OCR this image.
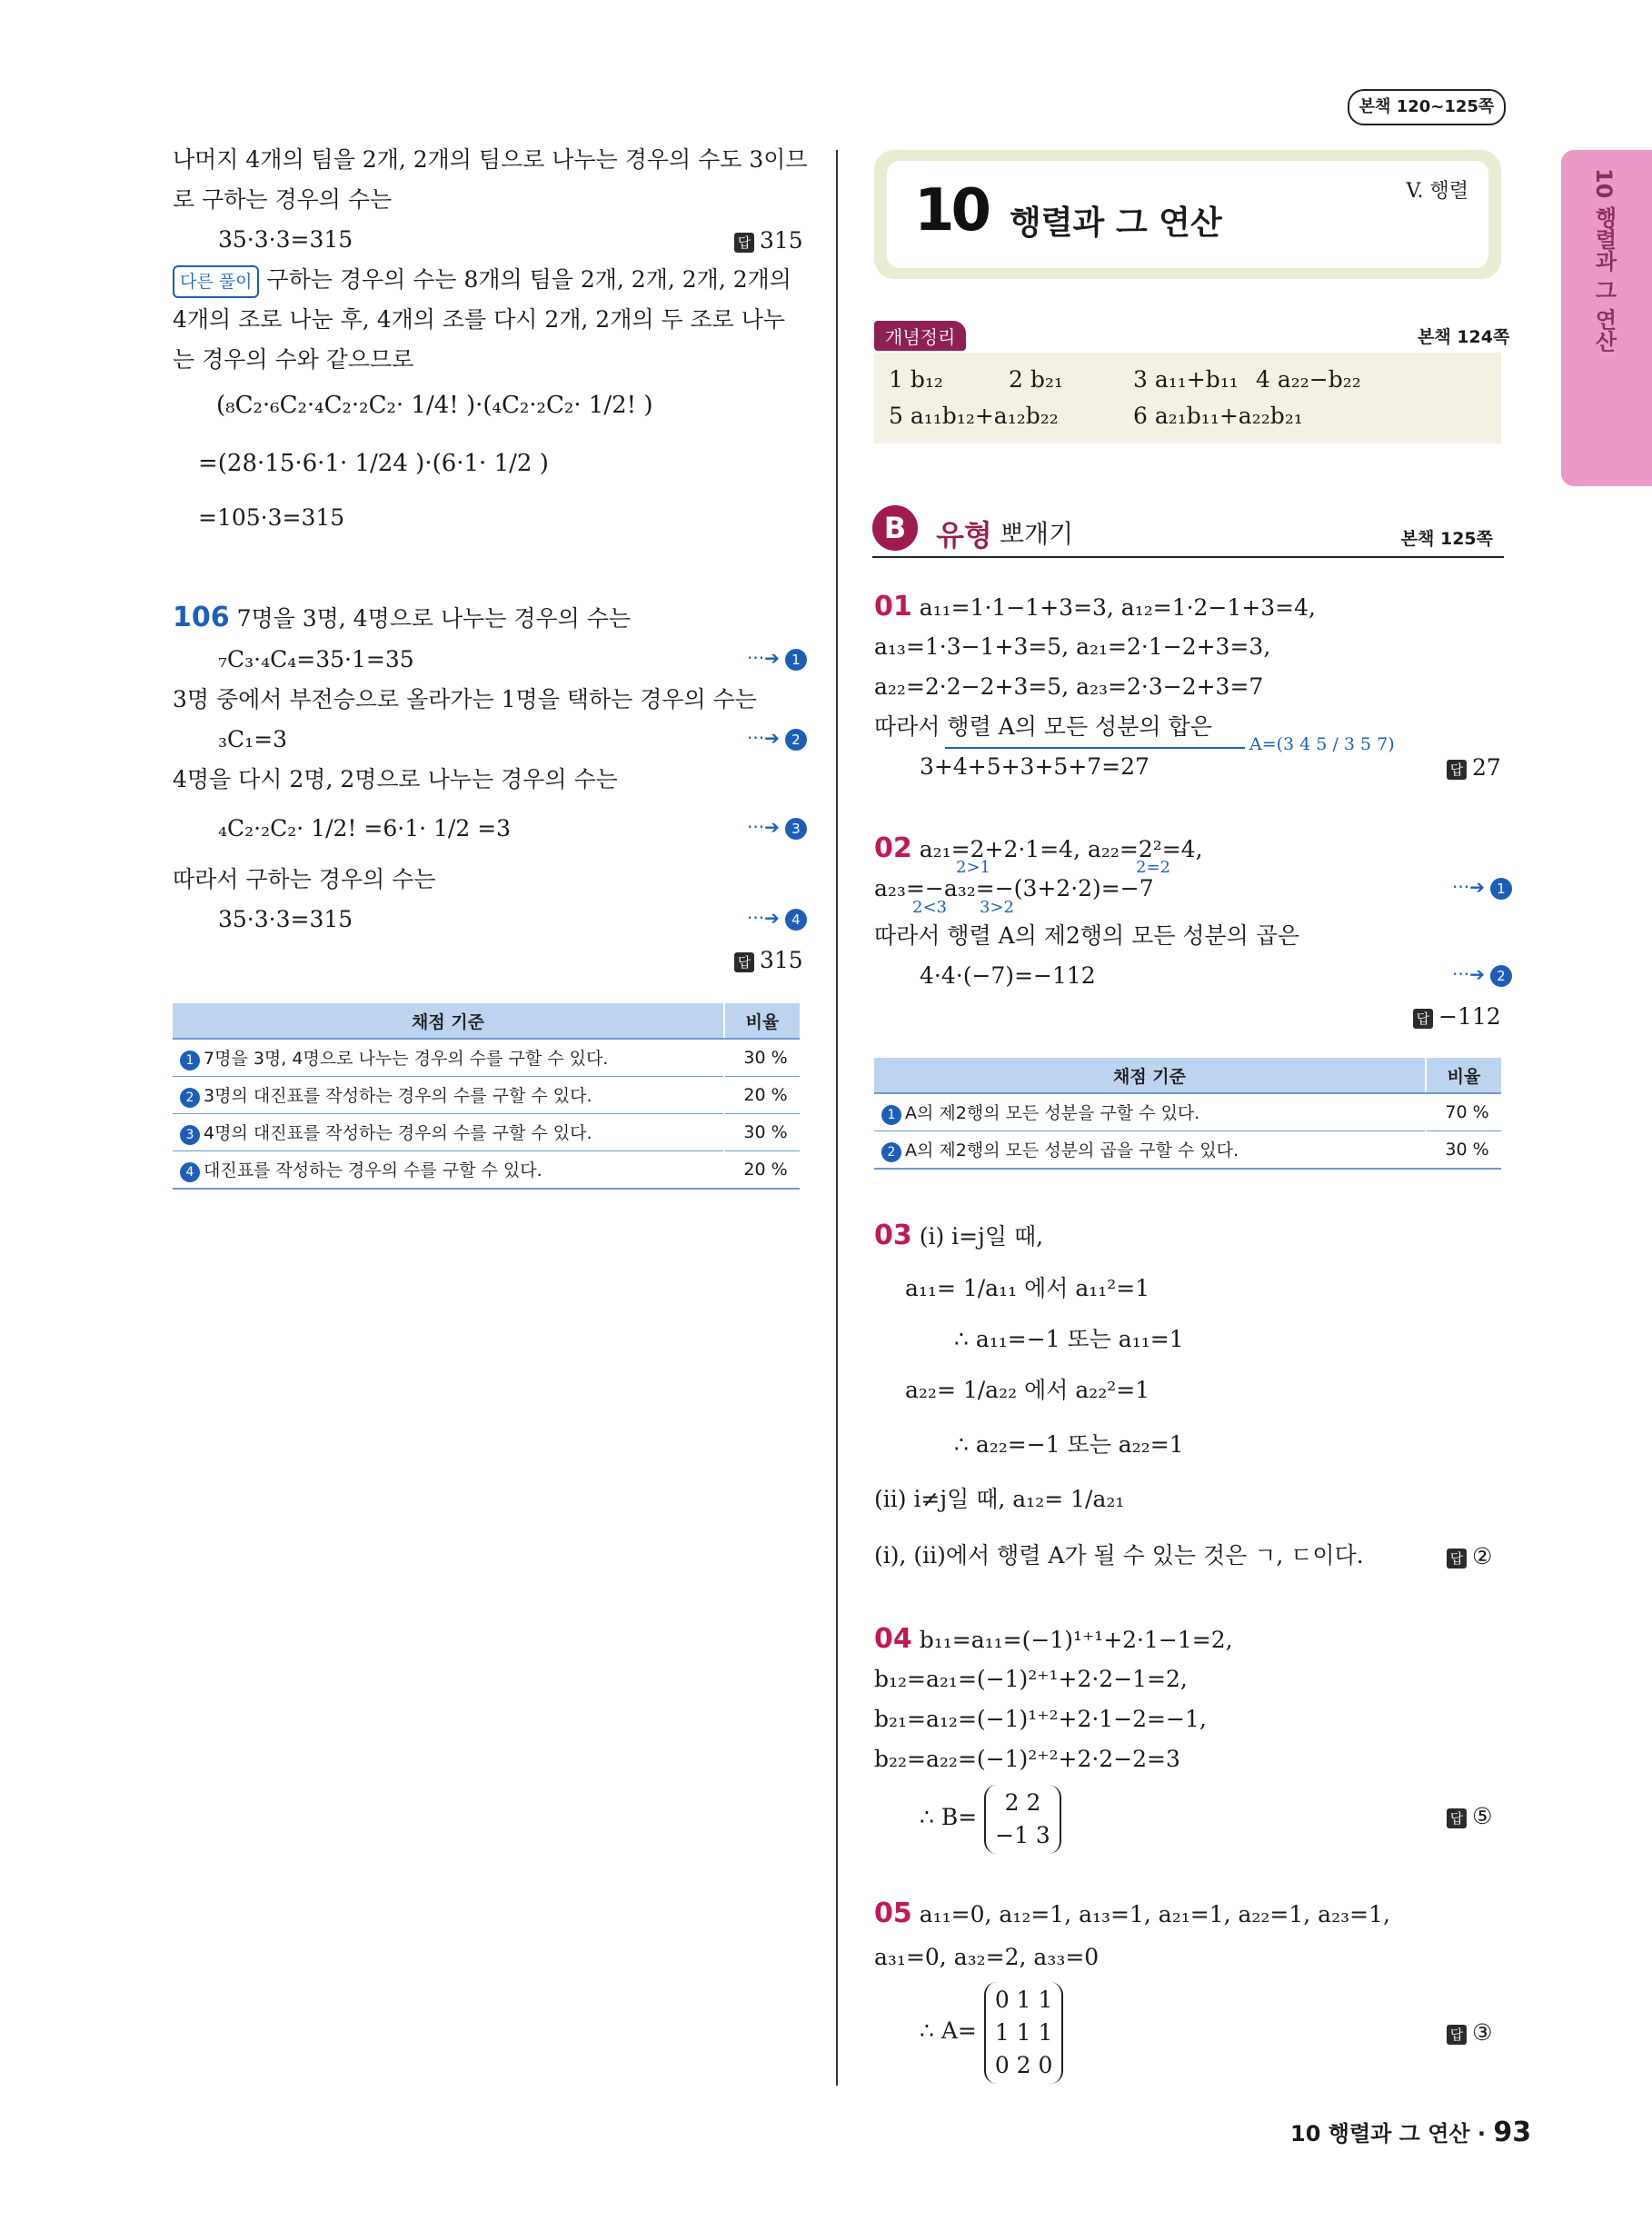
본책 120~125쪽
10 행렬과 그 연산
나머지 4개의 팀을 2개, 2개의 팀으로 나누는 경우의 수도 3이므
로 구하는 경우의 수는
35·3·3=315	답 315
다른 풀이 구하는 경우의 수는 8개의 팀을 2개, 2개, 2개, 2개의
4개의 조로 나눈 후, 4개의 조를 다시 2개, 2개의 두 조로 나누
는 경우의 수와 같으므로
(₈C₂·₆C₂·₄C₂·₂C₂· 1/4! )·(₄C₂·₂C₂· 1/2! )
=(28·15·6·1· 1/24 )·(6·1· 1/2 )
=105·3=315
106 7명을 3명, 4명으로 나누는 경우의 수는
₇C₃·₄C₄=35·1=35	···➔ 1
3명 중에서 부전승으로 올라가는 1명을 택하는 경우의 수는
₃C₁=3	···➔ 2
4명을 다시 2명, 2명으로 나누는 경우의 수는
₄C₂·₂C₂· 1/2! =6·1· 1/2 =3	···➔ 3
따라서 구하는 경우의 수는
35·3·3=315	···➔ 4
답 315
채점 기준	비율
1 7명을 3명, 4명으로 나누는 경우의 수를 구할 수 있다.	30 %
2 3명의 대진표를 작성하는 경우의 수를 구할 수 있다.	20 %
3 4명의 대진표를 작성하는 경우의 수를 구할 수 있다.	30 %
4 대진표를 작성하는 경우의 수를 구할 수 있다.	20 %
10 행렬과 그 연산
V. 행렬
개념정리	본책 124쪽
1 b₁₂	2 b₂₁	3 a₁₁+b₁₁ 4 a₂₂−b₂₂
5 a₁₁b₁₂+a₁₂b₂₂	6 a₂₁b₁₁+a₂₂b₂₁
B	유형 뽀개기	본책 125쪽
01 a₁₁=1·1−1+3=3, a₁₂=1·2−1+3=4,
a₁₃=1·3−1+3=5, a₂₁=2·1−2+3=3,
a₂₂=2·2−2+3=5, a₂₃=2·3−2+3=7
따라서 행렬 A의 모든 성분의 합은
A=(3 4 5 / 3 5 7)
3+4+5+3+5+7=27	답 27
02 a₂₁=2+2·1=4, a₂₂=2²=4,
2>1	2=2
a₂₃=−a₃₂=−(3+2·2)=−7
2<3 3>2
···➔ 1
따라서 행렬 A의 제2행의 모든 성분의 곱은
4·4·(−7)=−112	···➔ 2
답 −112
채점 기준	비율
1 A의 제2행의 모든 성분을 구할 수 있다.	70 %
2 A의 제2행의 모든 성분의 곱을 구할 수 있다.	30 %
03 (i) i=j일 때,
a₁₁= 1/a₁₁ 에서 a₁₁²=1
∴ a₁₁=−1 또는 a₁₁=1
a₂₂= 1/a₂₂ 에서 a₂₂²=1
∴ a₂₂=−1 또는 a₂₂=1
(ii) i≠j일 때, a₁₂= 1/a₂₁
(i), (ii)에서 행렬 A가 될 수 있는 것은 ㄱ, ㄷ이다.	답 ②
04 b₁₁=a₁₁=(−1)¹⁺¹+2·1−1=2,
b₁₂=a₂₁=(−1)²⁺¹+2·2−1=2,
b₂₁=a₁₂=(−1)¹⁺²+2·1−2=−1,
b₂₂=a₂₂=(−1)²⁺²+2·2−2=3
∴ B=
2 2
−1 3
답 ⑤
05 a₁₁=0, a₁₂=1, a₁₃=1, a₂₁=1, a₂₂=1, a₂₃=1,
a₃₁=0, a₃₂=2, a₃₃=0
∴ A=
0 1 1
1 1 1
0 2 0
답 ③
10 행렬과 그 연산 · 93
